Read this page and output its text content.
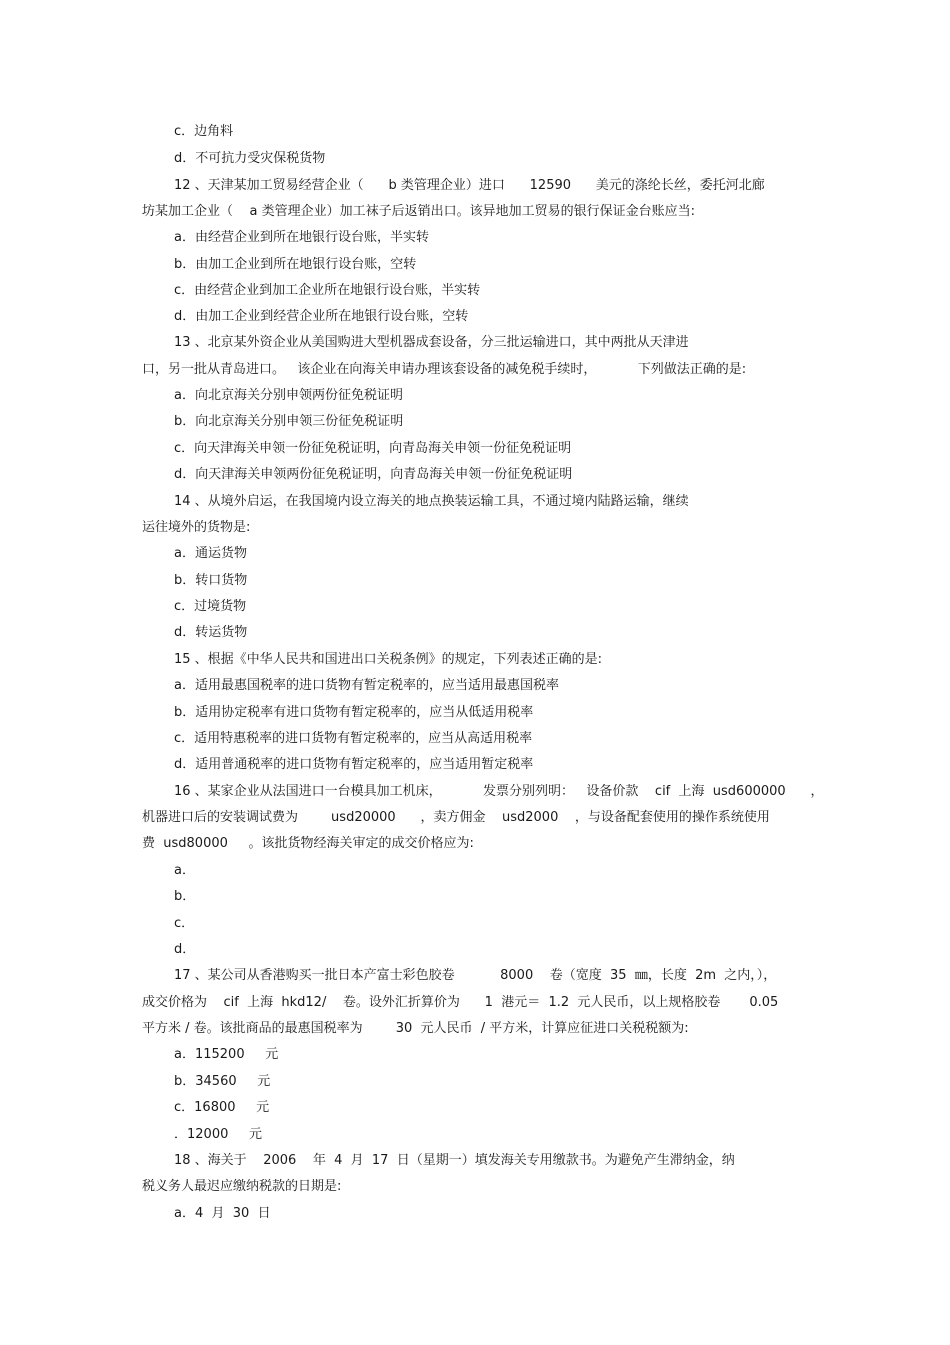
c．边角料
d．不可抗力受灾保税货物
12 、天津某加工贸易经营企业（      b 类管理企业）进口      12590      美元的涤纶长丝，委托河北廊
坊某加工企业（    a 类管理企业）加工袜子后返销出口。该异地加工贸易的银行保证金台账应当:
a．由经营企业到所在地银行设台账，半实转
b．由加工企业到所在地银行设台账，空转
c．由经营企业到加工企业所在地银行设台账，半实转
d．由加工企业到经营企业所在地银行设台账，空转
13 、北京某外资企业从美国购进大型机器成套设备，分三批运输进口，其中两批从天津进
口，另一批从青岛进口。   该企业在向海关申请办理该套设备的减免税手续时，          下列做法正确的是:
a．向北京海关分别申领两份征免税证明
b．向北京海关分别申领三份征免税证明
c．向天津海关申领一份征免税证明，向青岛海关申领一份征免税证明
d．向天津海关申领两份征免税证明，向青岛海关申领一份征免税证明
14 、从境外启运，在我国境内设立海关的地点换装运输工具，不通过境内陆路运输，继续
运往境外的货物是:
a．通运货物
b．转口货物
c．过境货物
d．转运货物
15 、根据《中华人民共和国进出口关税条例》的规定，下列表述正确的是:
a．适用最惠国税率的进口货物有暂定税率的，应当适用最惠国税率
b．适用协定税率有进口货物有暂定税率的，应当从低适用税率
c．适用特惠税率的进口货物有暂定税率的，应当从高适用税率
d．适用普通税率的进口货物有暂定税率的，应当适用暂定税率
16 、某家企业从法国进口一台模具加工机床，          发票分别列明：   设备价款    cif  上海  usd600000      ，
机器进口后的安装调试费为        usd20000      ，卖方佣金    usd2000    ，与设备配套使用的操作系统使用
费  usd80000     。该批货物经海关审定的成交价格应为:
a．
b．
c．
d．
17 、某公司从香港购买一批日本产富士彩色胶卷           8000    卷（宽度  35  ㎜，长度  2m  之内，），
成交价格为    cif  上海  hkd12/    卷。设外汇折算价为      1  港元＝  1.2  元人民币，以上规格胶卷       0.05
平方米 / 卷。该批商品的最惠国税率为        30  元人民币  / 平方米，计算应征进口关税税额为:
a．115200     元
b．34560     元
c．16800     元
．12000     元
18 、海关于    2006    年  4  月  17  日（星期一）填发海关专用缴款书。为避免产生滞纳金，纳
税义务人最迟应缴纳税款的日期是:
a．4  月  30  日
